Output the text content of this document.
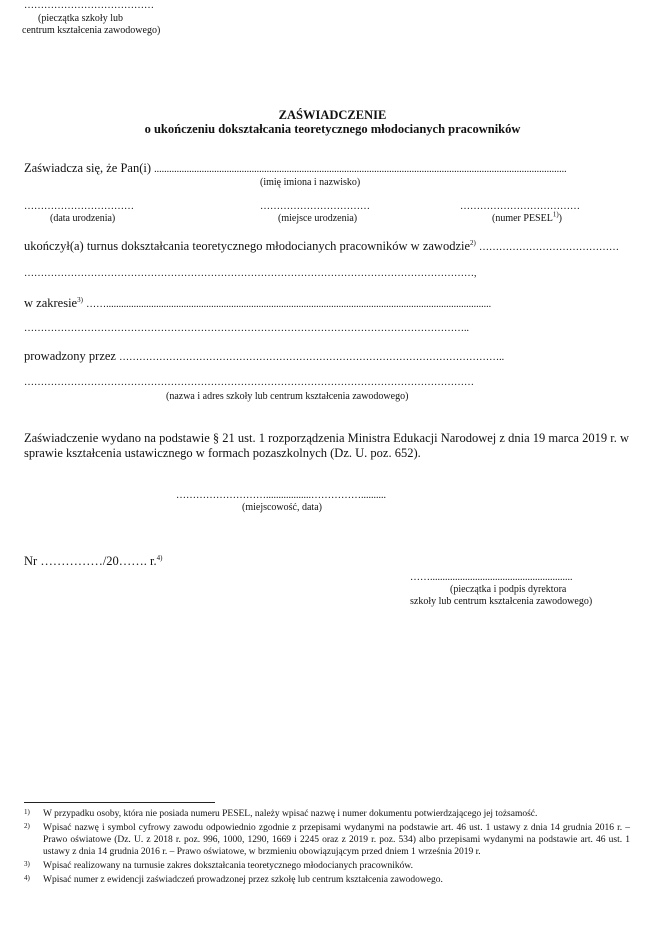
…………………………………
(pieczątka szkoły lub
centrum kształcenia zawodowego)
ZAŚWIADCZENIE
o ukończeniu dokształcania teoretycznego młodocianych pracowników
Zaświadcza się, że Pan(i) .....................................................................................................................................................................
(imię imiona i nazwisko)
……………………………
(data urodzenia)
……………………………
(miejsce urodzenia)
………………………………
(numer PESEL$^{1)}$)
ukończył(a) turnus dokształcania teoretycznego młodocianych pracowników w zawodzie$^{2)}$ ……………………………………
………………………………………………………………………………………………………………………,
w zakresie$^{3)}$ ……..........................................................................................................................................................
……………………………………………………………………………………………………………………..
prowadzony przez ……………………………………………………………………………………………………..
………………………………………………………………………………………………………………………
(nazwa i adres szkoły lub centrum kształcenia zawodowego)
Zaświadczenie wydano na podstawie § 21 ust. 1 rozporządzenia Ministra Edukacji Narodowej z dnia 19 marca 2019 r. w sprawie kształcenia ustawicznego w formach pozaszkolnych (Dz. U. poz. 652).
………………………..................……………..........
(miejscowość, data)
Nr ……………/20……. r.$^{4)}$
…….........................................................
(pieczątka i podpis dyrektora
szkoły lub centrum kształcenia zawodowego)
1) W przypadku osoby, która nie posiada numeru PESEL, należy wpisać nazwę i numer dokumentu potwierdzającego jej tożsamość.
2) Wpisać nazwę i symbol cyfrowy zawodu odpowiednio zgodnie z przepisami wydanymi na podstawie art. 46 ust. 1 ustawy z dnia 14 grudnia 2016 r. – Prawo oświatowe (Dz. U. z 2018 r. poz. 996, 1000, 1290, 1669 i 2245 oraz z 2019 r. poz. 534) albo przepisami wydanymi na podstawie art. 46 ust. 1 ustawy z dnia 14 grudnia 2016 r. – Prawo oświatowe, w brzmieniu obowiązującym przed dniem 1 września 2019 r.
3) Wpisać realizowany na turnusie zakres dokształcania teoretycznego młodocianych pracowników.
4) Wpisać numer z ewidencji zaświadczeń prowadzonej przez szkołę lub centrum kształcenia zawodowego.
